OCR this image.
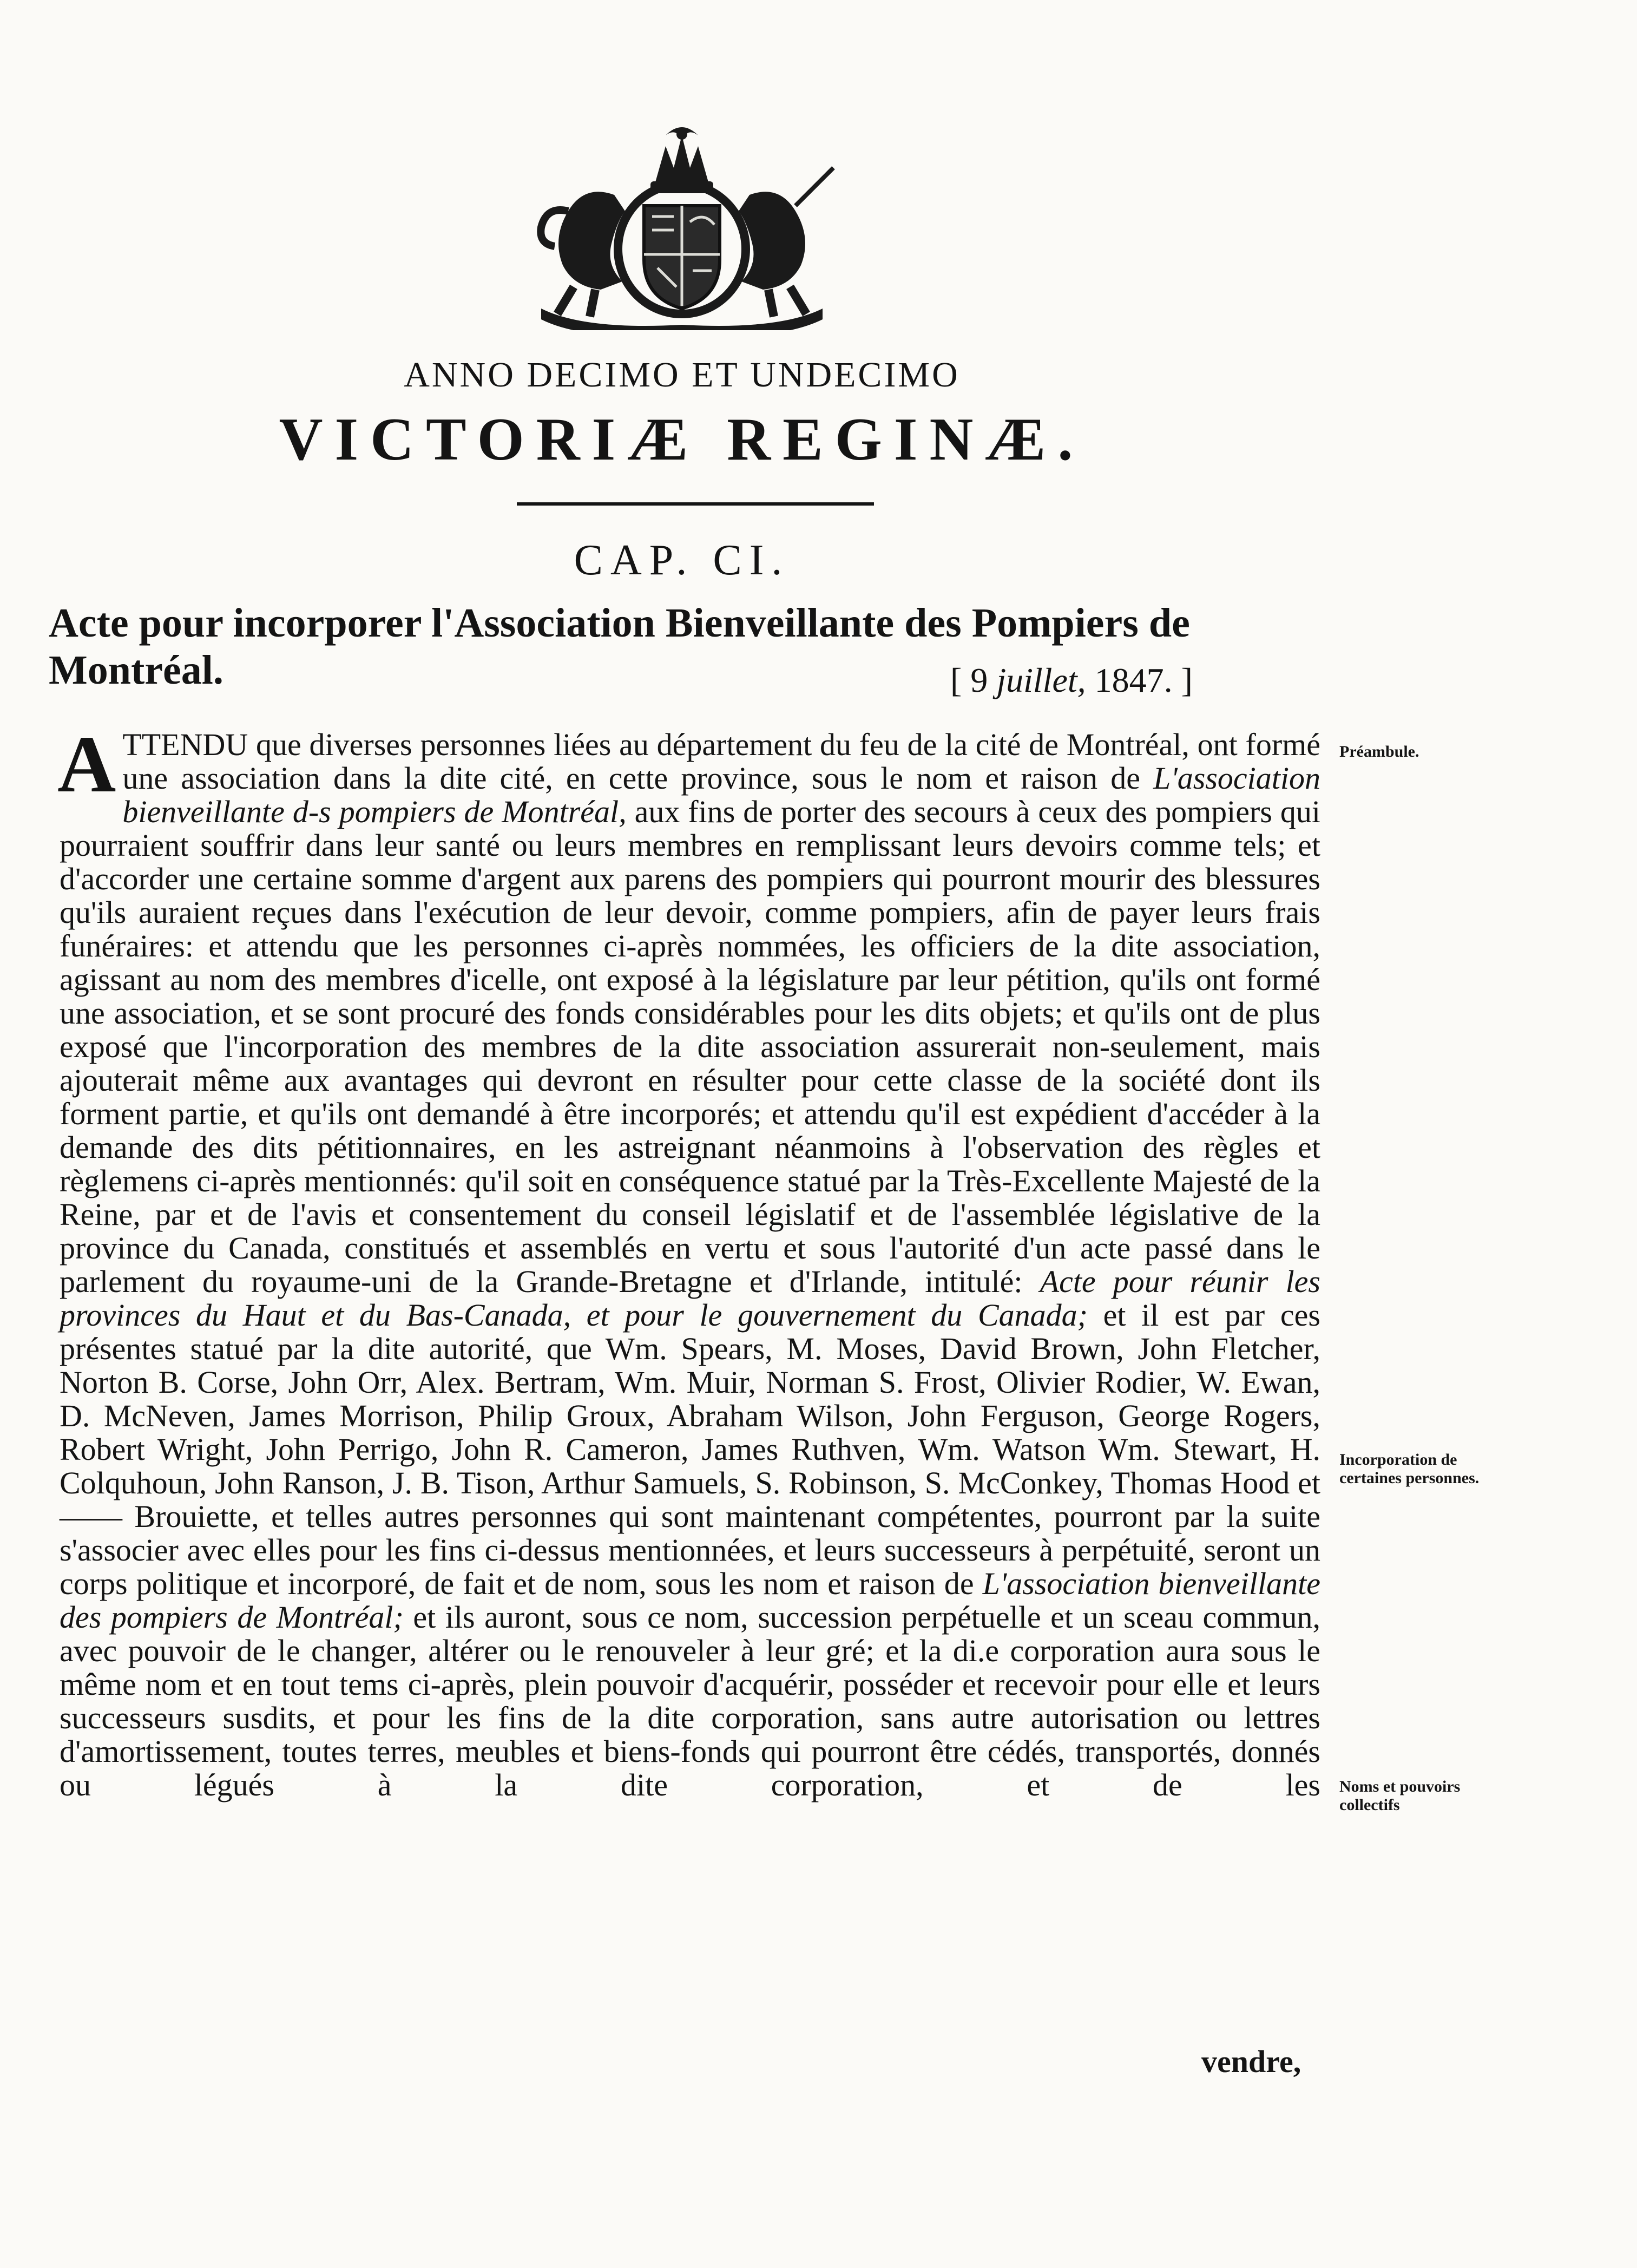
ANNO DECIMO ET UNDECIMO
VICTORIÆ REGINÆ.
CAP. CI.
Acte pour incorporer l'Association Bienveillante des Pompiers de Montréal.	[ 9 juillet, 1847. ]

ATTENDU que diverses personnes liées au département du feu de la cité de Montréal, ont formé une association dans la dite cité, en cette province, sous le nom et raison de L'association bienveillante d-s pompiers de Montréal, aux fins de porter des secours à ceux des pompiers qui pourraient souffrir dans leur santé ou leurs membres en remplissant leurs devoirs comme tels; et d'accorder une certaine somme d'argent aux parens des pompiers qui pourront mourir des blessures qu'ils auraient reçues dans l'exécution de leur devoir, comme pompiers, afin de payer leurs frais funéraires: et attendu que les personnes ci-après nommées, les officiers de la dite association, agissant au nom des membres d'icelle, ont exposé à la législature par leur pétition, qu'ils ont formé une association, et se sont procuré des fonds considérables pour les dits objets; et qu'ils ont de plus exposé que l'incorporation des membres de la dite association assurerait non-seulement, mais ajouterait même aux avantages qui devront en résulter pour cette classe de la société dont ils forment partie, et qu'ils ont demandé à être incorporés; et attendu qu'il est expédient d'accéder à la demande des dits pétitionnaires, en les astreignant néanmoins à l'observation des règles et règlemens ci-après mentionnés: qu'il soit en conséquence statué par la Très-Excellente Majesté de la Reine, par et de l'avis et consentement du conseil législatif et de l'assemblée législative de la province du Canada, constitués et assemblés en vertu et sous l'autorité d'un acte passé dans le parlement du royaume-uni de la Grande-Bretagne et d'Irlande, intitulé: Acte pour réunir les provinces du Haut et du Bas-Canada, et pour le gouvernement du Canada; et il est par ces présentes statué par la dite autorité, que Wm. Spears, M. Moses, David Brown, John Fletcher, Norton B. Corse, John Orr, Alex. Bertram, Wm. Muir, Norman S. Frost, Olivier Rodier, W. Ewan, D. McNeven, James Morrison, Philip Groux, Abraham Wilson, John Ferguson, George Rogers, Robert Wright, John Perrigo, John R. Cameron, James Ruthven, Wm. Watson Wm. Stewart, H. Colquhoun, John Ranson, J. B. Tison, Arthur Samuels, S. Robinson, S. McConkey, Thomas Hood et—— Brouiette, et telles autres personnes qui sont maintenant compétentes, pourront par la suite s'associer avec elles pour les fins ci-dessus mentionnées, et leurs successeurs à perpétuité, seront un corps politique et incorporé, de fait et de nom, sous les nom et raison de L'association bienveillante des pompiers de Montréal; et ils auront, sous ce nom, succession perpétuelle et un sceau commun, avec pouvoir de le changer, altérer ou le renouveler à leur gré; et la di.e corporation aura sous le même nom et en tout tems ci-après, plein pouvoir d'acquérir, posséder et recevoir pour elle et leurs successeurs susdits, et pour les fins de la dite corporation, sans autre autorisation ou lettres d'amortissement, toutes terres, meubles et biens-fonds qui pourront être cédés, transportés, donnés ou légués à la dite corporation, et de les

vendre,
Préambule.
Incorporation de certaines personnes.
Noms et pouvoirs collectifs
